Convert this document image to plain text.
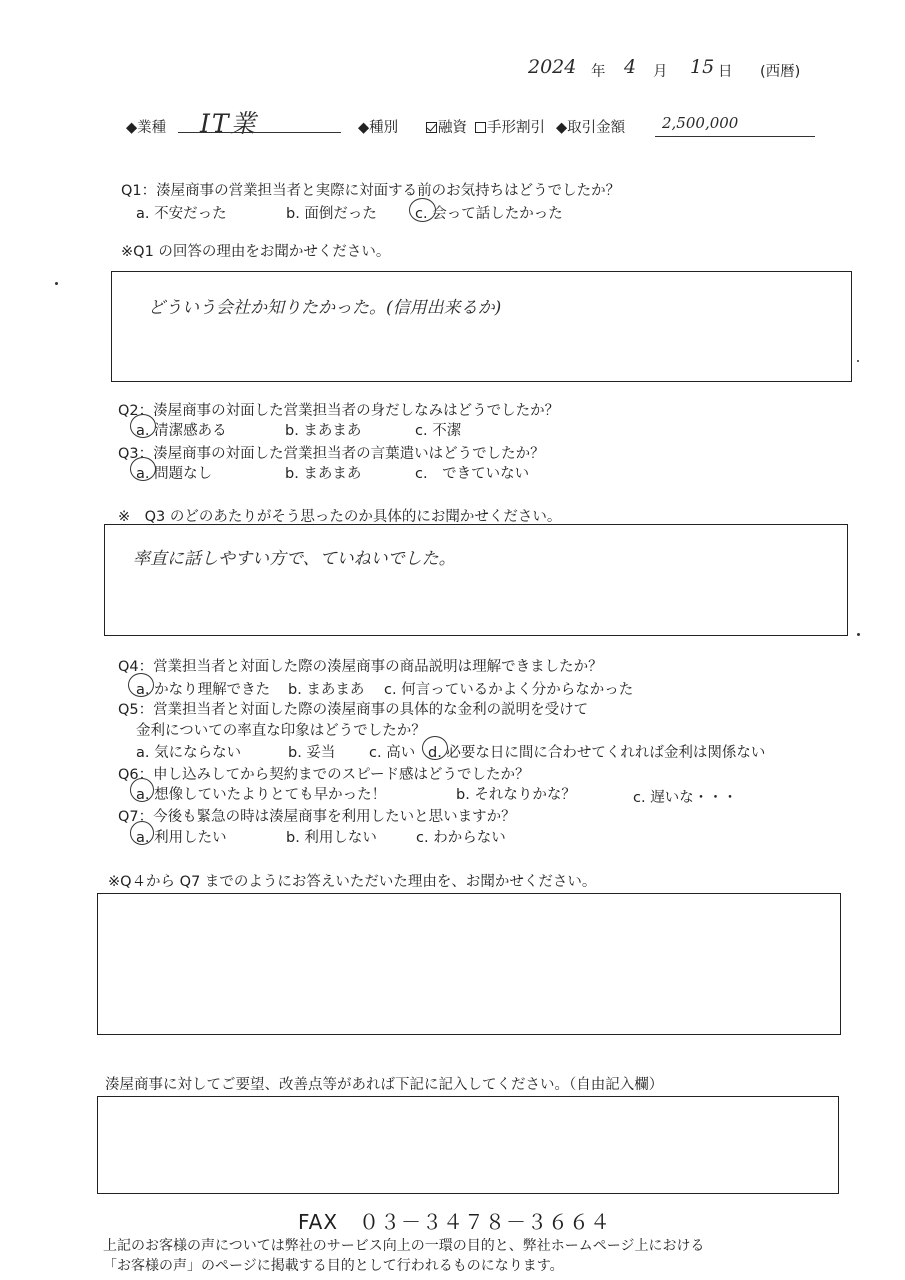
2024 年 4 月 15 日 (西暦)
◆業種 IT業	◆種別	融資	手形割引 ◆取引金額 2,500,000
Q1：湊屋商事の営業担当者と実際に対面する前のお気持ちはどうでしたか？
a. 不安だった	b. 面倒だった	c. 会って話したかった
※Q1 の回答の理由をお聞かせください。
どういう会社か知りたかった。(信用出来るか)
Q2：湊屋商事の対面した営業担当者の身だしなみはどうでしたか？
a. 清潔感ある	b. まあまあ	c. 不潔
Q3：湊屋商事の対面した営業担当者の言葉遣いはどうでしたか？
a. 問題なし	b. まあまあ	c.　できていない
※　Q3 のどのあたりがそう思ったのか具体的にお聞かせください。
率直に話しやすい方で、ていねいでした。
Q4：営業担当者と対面した際の湊屋商事の商品説明は理解できましたか？
a. かなり理解できた b. まあまあ c. 何言っているかよく分からなかった
Q5：営業担当者と対面した際の湊屋商事の具体的な金利の説明を受けて
金利についての率直な印象はどうでしたか？
a. 気にならない	b. 妥当 c. 高い d. 必要な日に間に合わせてくれれば金利は関係ない
Q6：申し込みしてから契約までのスピード感はどうでしたか？
a. 想像していたよりとても早かった！	b. それなりかな？	c. 遅いな・・・
Q7：今後も緊急の時は湊屋商事を利用したいと思いますか？
a. 利用したい	b. 利用しない	c. わからない
※Q４から Q7 までのようにお答えいただいた理由を、お聞かせください。
湊屋商事に対してご要望、改善点等があれば下記に記入してください。（自由記入欄）
FAX　０３－３４７８－３６６４
上記のお客様の声については弊社のサービス向上の一環の目的と、弊社ホームページ上における
「お客様の声」のページに掲載する目的として行われるものになります。
